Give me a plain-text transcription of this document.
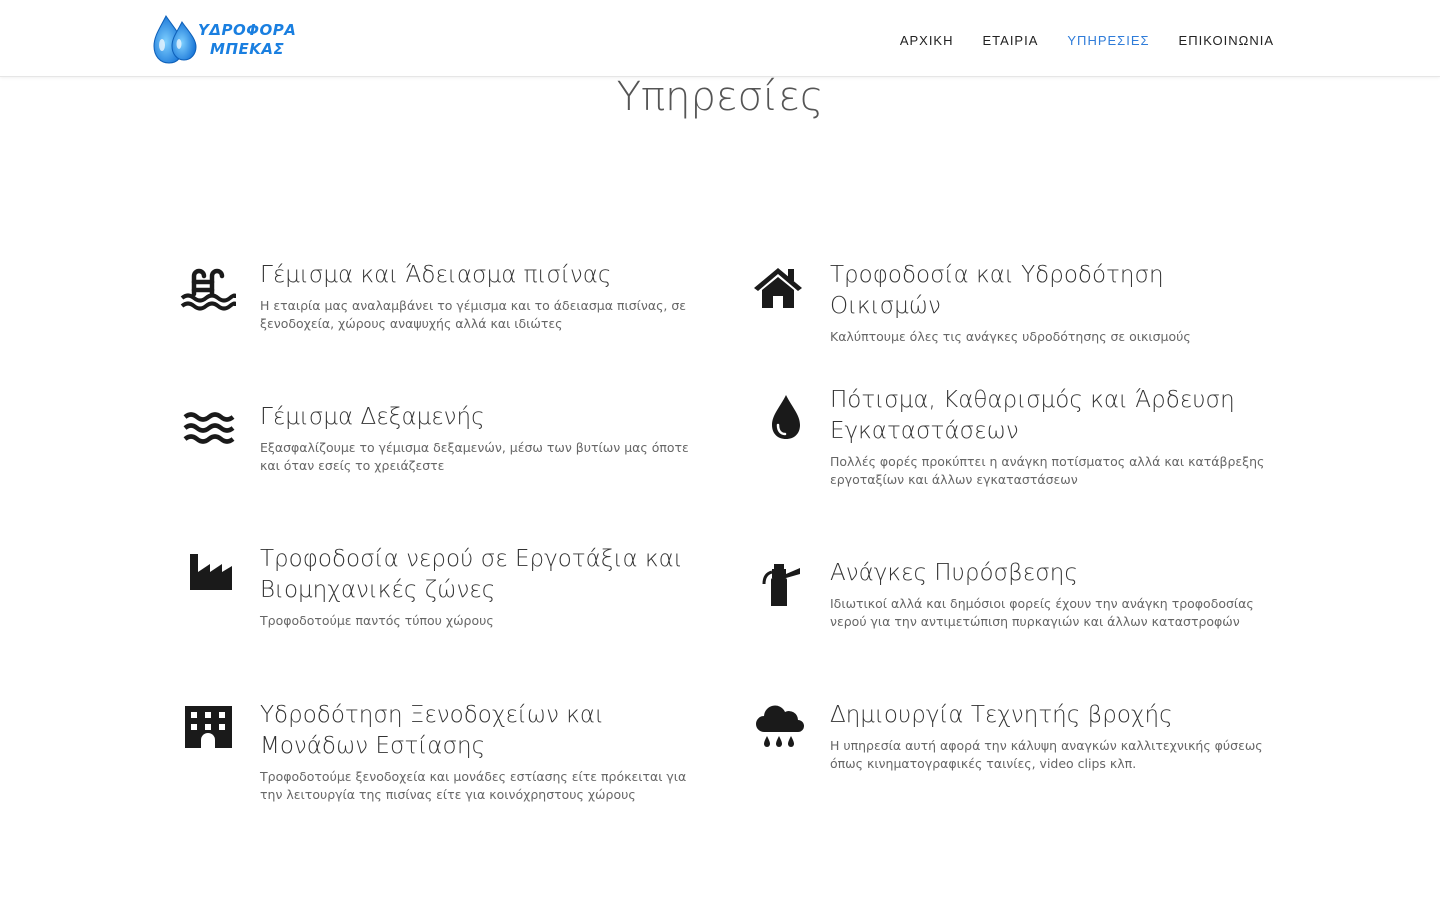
ΥΔΡΟΦΟΡΑ
ΜΠΕΚΑΣ	ΑΡΧΙΚΗ ΕΤΑΙΡΙΑ ΥΠΗΡΕΣΙΕΣ ΕΠΙΚΟΙΝΩΝΙΑ
Υπηρεσίες
Γέμισμα και Άδειασμα πισίνας

Η εταιρία μας αναλαμβάνει το γέμισμα και το άδειασμα πισίνας, σε ξενοδοχεία, χώρους αναψυχής αλλά και ιδιώτες

Γέμισμα Δεξαμενής

Εξασφαλίζουμε το γέμισμα δεξαμενών, μέσω των βυτίων μας όποτε και όταν εσείς το χρειάζεστε

Τροφοδοσία νερού σε Εργοτάξια και Βιομηχανικές ζώνες

Τροφοδοτούμε παντός τύπου χώρους

Υδροδότηση Ξενοδοχείων και Μονάδων Εστίασης

Τροφοδοτούμε ξενοδοχεία και μονάδες εστίασης είτε πρόκειται για την λειτουργία της πισίνας είτε για κοινόχρηστους χώρους

Τροφοδοσία και Υδροδότηση Οικισμών

Καλύπτουμε όλες τις ανάγκες υδροδότησης σε οικισμούς

Πότισμα, Καθαρισμός και Άρδευση Εγκαταστάσεων

Πολλές φορές προκύπτει η ανάγκη ποτίσματος αλλά και κατάβρεξης εργοταξίων και άλλων εγκαταστάσεων

Ανάγκες Πυρόσβεσης

Ιδιωτικοί αλλά και δημόσιοι φορείς έχουν την ανάγκη τροφοδοσίας νερού για την αντιμετώπιση πυρκαγιών και άλλων καταστροφών

Δημιουργία Τεχνητής βροχής

Η υπηρεσία αυτή αφορά την κάλυψη αναγκών καλλιτεχνικής φύσεως όπως κινηματογραφικές ταινίες, video clips κλπ.
